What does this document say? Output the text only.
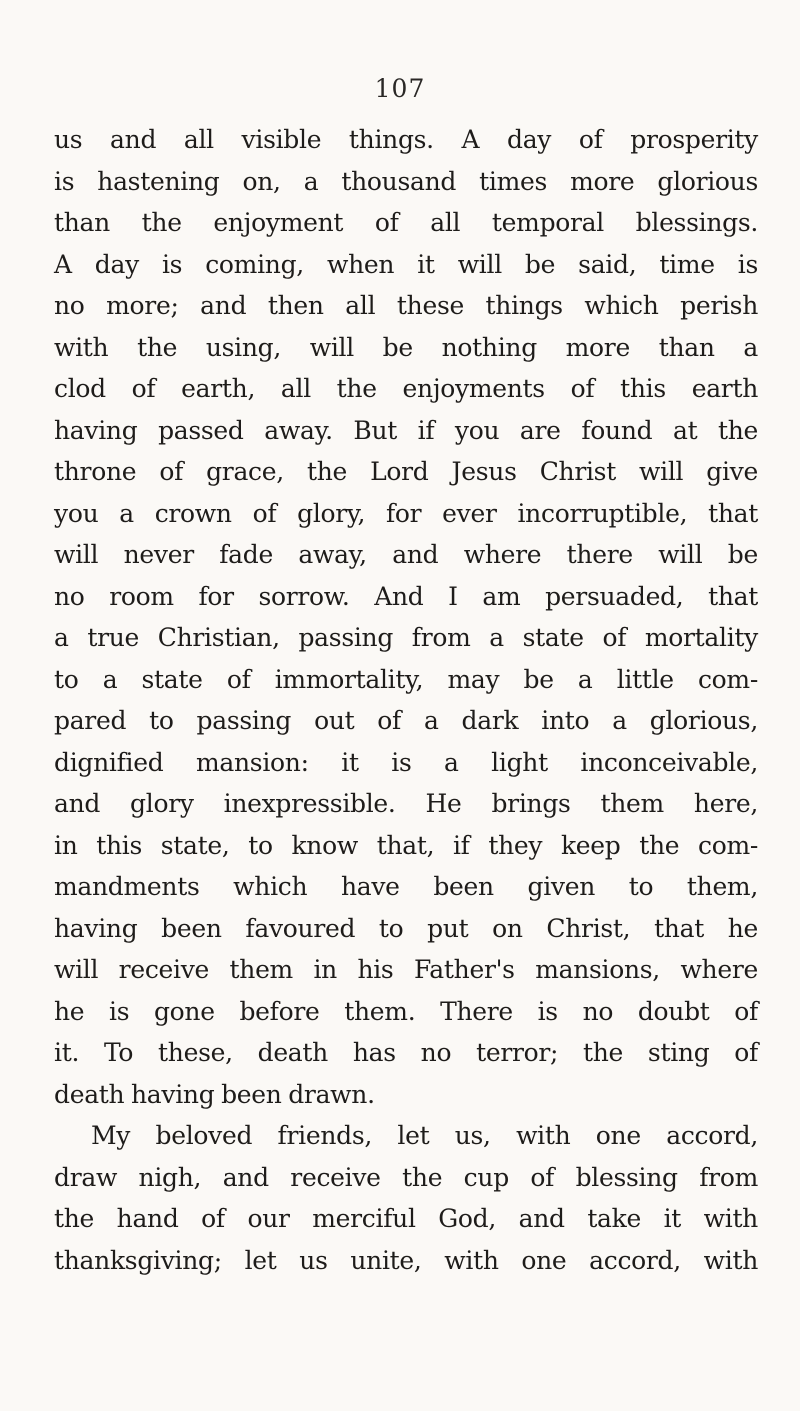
107
us and all visible things. A day of prosperity
is hastening on, a thousand times more glorious
than the enjoyment of all temporal blessings.
A day is coming, when it will be said, time is
no more; and then all these things which perish
with the using, will be nothing more than a
clod of earth, all the enjoyments of this earth
having passed away. But if you are found at the
throne of grace, the Lord Jesus Christ will give
you a crown of glory, for ever incorruptible, that
will never fade away, and where there will be
no room for sorrow. And I am persuaded, that
a true Christian, passing from a state of mortality
to a state of immortality, may be a little com-
pared to passing out of a dark into a glorious,
dignified mansion: it is a light inconceivable,
and glory inexpressible. He brings them here,
in this state, to know that, if they keep the com-
mandments which have been given to them,
having been favoured to put on Christ, that he
will receive them in his Father's mansions, where
he is gone before them. There is no doubt of
it. To these, death has no terror; the sting of
death having been drawn.
My beloved friends, let us, with one accord,
draw nigh, and receive the cup of blessing from
the hand of our merciful God, and take it with
thanksgiving; let us unite, with one accord, with
